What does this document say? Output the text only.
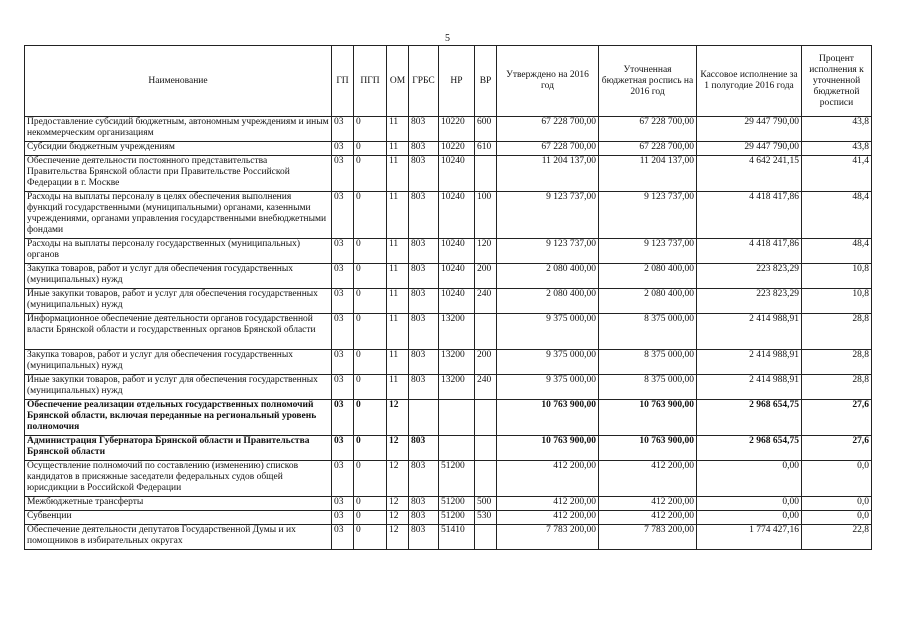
5
Наименование	ГП	ПГП	ОМ	ГРБС	НР	ВР	Утверждено на 2016 год	Уточненная бюджетная роспись на 2016 год	Кассовое исполнение за 1 полугодие 2016 года	Процент исполнения к уточненной бюджетной росписи
Предоставление субсидий бюджетным, автономным учреждениям и иным некоммерческим организациям	03	0	11	803	10220	600	67 228 700,00	67 228 700,00	29 447 790,00	43,8
Субсидии бюджетным учреждениям	03	0	11	803	10220	610	67 228 700,00	67 228 700,00	29 447 790,00	43,8
Обеспечение деятельности постоянного представительства Правительства Брянской области при Правительстве Российской Федерации в г. Москве	03	0	11	803	10240		11 204 137,00	11 204 137,00	4 642 241,15	41,4
Расходы на выплаты персоналу в целях обеспечения выполнения функций государственными (муниципальными) органами, казенными учреждениями, органами управления государственными внебюджетными фондами	03	0	11	803	10240	100	9 123 737,00	9 123 737,00	4 418 417,86	48,4
Расходы на выплаты персоналу государственных (муниципальных) органов	03	0	11	803	10240	120	9 123 737,00	9 123 737,00	4 418 417,86	48,4
Закупка товаров, работ и услуг для обеспечения государственных (муниципальных) нужд	03	0	11	803	10240	200	2 080 400,00	2 080 400,00	223 823,29	10,8
Иные закупки товаров, работ и услуг для обеспечения государственных (муниципальных) нужд	03	0	11	803	10240	240	2 080 400,00	2 080 400,00	223 823,29	10,8
Информационное обеспечение деятельности органов государственной власти Брянской области и государственных органов Брянской области	03	0	11	803	13200		9 375 000,00	8 375 000,00	2 414 988,91	28,8
Закупка товаров, работ и услуг для обеспечения государственных (муниципальных) нужд	03	0	11	803	13200	200	9 375 000,00	8 375 000,00	2 414 988,91	28,8
Иные закупки товаров, работ и услуг для обеспечения государственных (муниципальных) нужд	03	0	11	803	13200	240	9 375 000,00	8 375 000,00	2 414 988,91	28,8
Обеспечение реализации отдельных государственных полномочий Брянской области, включая переданные на региональный уровень полномочия	03	0	12				10 763 900,00	10 763 900,00	2 968 654,75	27,6
Администрация Губернатора Брянской области и Правительства Брянской области	03	0	12	803			10 763 900,00	10 763 900,00	2 968 654,75	27,6
Осуществление полномочий по составлению (изменению) списков кандидатов в присяжные заседатели федеральных судов общей юрисдикции в Российской Федерации	03	0	12	803	51200		412 200,00	412 200,00	0,00	0,0
Межбюджетные трансферты	03	0	12	803	51200	500	412 200,00	412 200,00	0,00	0,0
Субвенции	03	0	12	803	51200	530	412 200,00	412 200,00	0,00	0,0
Обеспечение деятельности депутатов Государственной Думы и их помощников в избирательных округах	03	0	12	803	51410		7 783 200,00	7 783 200,00	1 774 427,16	22,8
